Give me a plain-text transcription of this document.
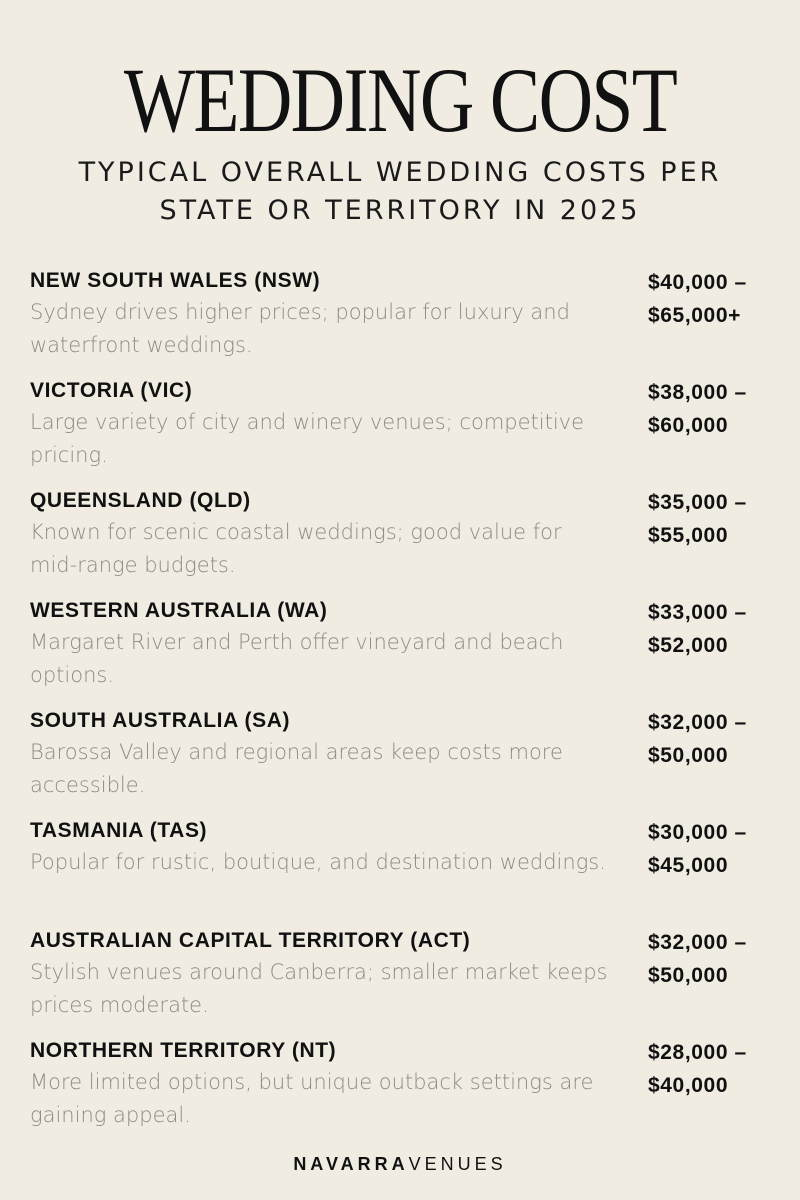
WEDDING COST
TYPICAL OVERALL WEDDING COSTS PER
STATE OR TERRITORY IN 2025
NEW SOUTH WALES (NSW)
Sydney drives higher prices; popular for luxury and waterfront weddings.
$40,000 –
$65,000+
VICTORIA (VIC)
Large variety of city and winery venues; competitive pricing.
$38,000 –
$60,000
QUEENSLAND (QLD)
Known for scenic coastal weddings; good value for mid-range budgets.
$35,000 –
$55,000
WESTERN AUSTRALIA (WA)
Margaret River and Perth offer vineyard and beach options.
$33,000 –
$52,000
SOUTH AUSTRALIA (SA)
Barossa Valley and regional areas keep costs more accessible.
$32,000 –
$50,000
TASMANIA (TAS)
Popular for rustic, boutique, and destination weddings.
$30,000 –
$45,000
AUSTRALIAN CAPITAL TERRITORY (ACT)
Stylish venues around Canberra; smaller market keeps prices moderate.
$32,000 –
$50,000
NORTHERN TERRITORY (NT)
More limited options, but unique outback settings are gaining appeal.
$28,000 –
$40,000
NAVARRAVENUES
